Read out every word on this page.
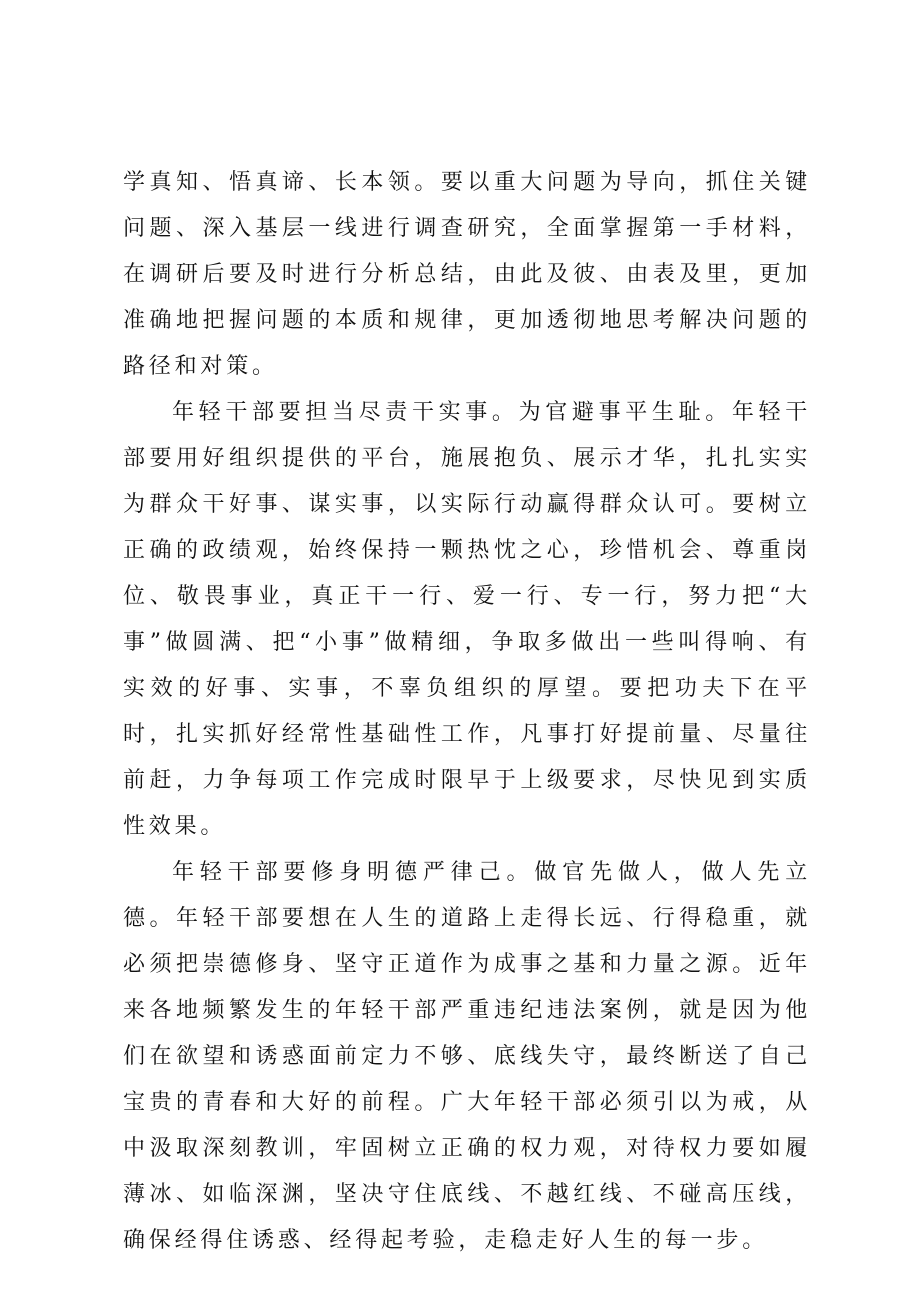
学真知、悟真谛、长本领。要以重大问题为导向，抓住关键问题、深入基层一线进行调查研究，全面掌握第一手材料，在调研后要及时进行分析总结，由此及彼、由表及里，更加准确地把握问题的本质和规律，更加透彻地思考解决问题的路径和对策。

年轻干部要担当尽责干实事。为官避事平生耻。年轻干部要用好组织提供的平台，施展抱负、展示才华，扎扎实实为群众干好事、谋实事，以实际行动赢得群众认可。要树立正确的政绩观，始终保持一颗热忱之心，珍惜机会、尊重岗位、敬畏事业，真正干一行、爱一行、专一行，努力把“大事”做圆满、把“小事”做精细，争取多做出一些叫得响、有实效的好事、实事，不辜负组织的厚望。要把功夫下在平时，扎实抓好经常性基础性工作，凡事打好提前量、尽量往前赶，力争每项工作完成时限早于上级要求，尽快见到实质性效果。

年轻干部要修身明德严律己。做官先做人，做人先立德。年轻干部要想在人生的道路上走得长远、行得稳重，就必须把崇德修身、坚守正道作为成事之基和力量之源。近年来各地频繁发生的年轻干部严重违纪违法案例，就是因为他们在欲望和诱惑面前定力不够、底线失守，最终断送了自己宝贵的青春和大好的前程。广大年轻干部必须引以为戒，从中汲取深刻教训，牢固树立正确的权力观，对待权力要如履薄冰、如临深渊，坚决守住底线、不越红线、不碰高压线，确保经得住诱惑、经得起考验，走稳走好人生的每一步。
